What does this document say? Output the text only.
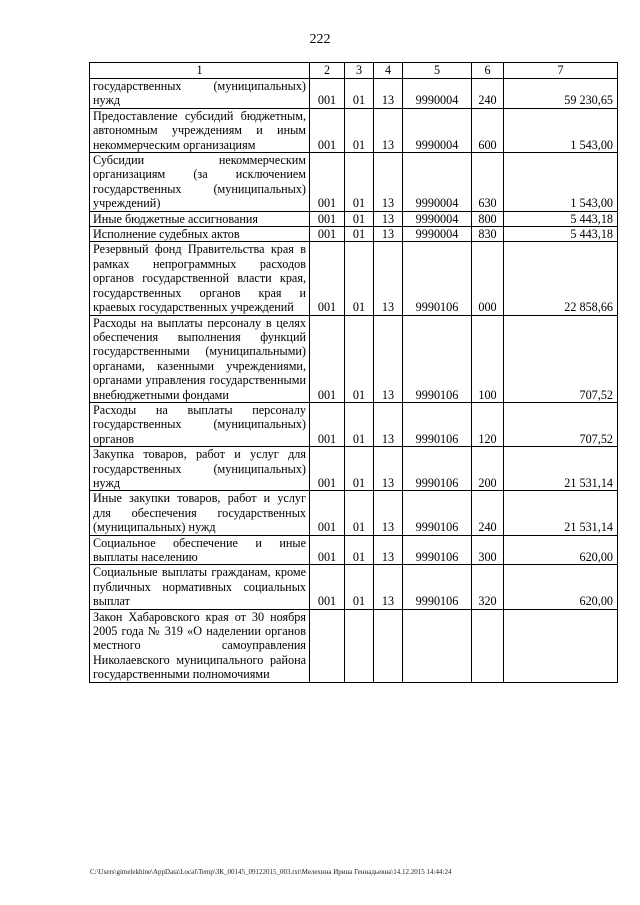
222
1	2	3	4	5	6	7
государственных (муниципальных) нужд	001	01	13	9990004	240	59 230,65
Предоставление субсидий бюджетным, автономным учреждениям и иным некоммерческим организациям	001	01	13	9990004	600	1 543,00
Субсидии некоммерческим организациям (за исключением государственных (муниципальных) учреждений)	001	01	13	9990004	630	1 543,00
Иные бюджетные ассигнования	001	01	13	9990004	800	5 443,18
Исполнение судебных актов	001	01	13	9990004	830	5 443,18
Резервный фонд Правительства края в рамках непрограммных расходов органов государственной власти края, государственных органов края и краевых государственных учреждений	001	01	13	9990106	000	22 858,66
Расходы на выплаты персоналу в целях обеспечения выполнения функций государственными (муниципальными) органами, казенными учреждениями, органами управления государственными внебюджетными фондами	001	01	13	9990106	100	707,52
Расходы на выплаты персоналу государственных (муниципальных) органов	001	01	13	9990106	120	707,52
Закупка товаров, работ и услуг для государственных (муниципальных) нужд	001	01	13	9990106	200	21 531,14
Иные закупки товаров, работ и услуг для обеспечения государственных (муниципальных) нужд	001	01	13	9990106	240	21 531,14
Социальное обеспечение и иные выплаты населению	001	01	13	9990106	300	620,00
Социальные выплаты гражданам, кроме публичных нормативных социальных выплат	001	01	13	9990106	320	620,00
Закон Хабаровского края от 30 ноября 2005 года № 319 «О наделении органов местного самоуправления Николаевского муниципального района государственными полномочиями						
C:\Users\gimelekhine\AppData\Local\Temp\ЗК_00145_09122015_003.txt\Мелехина Ирина Геннадьевна\14.12.2015 14:44:24
